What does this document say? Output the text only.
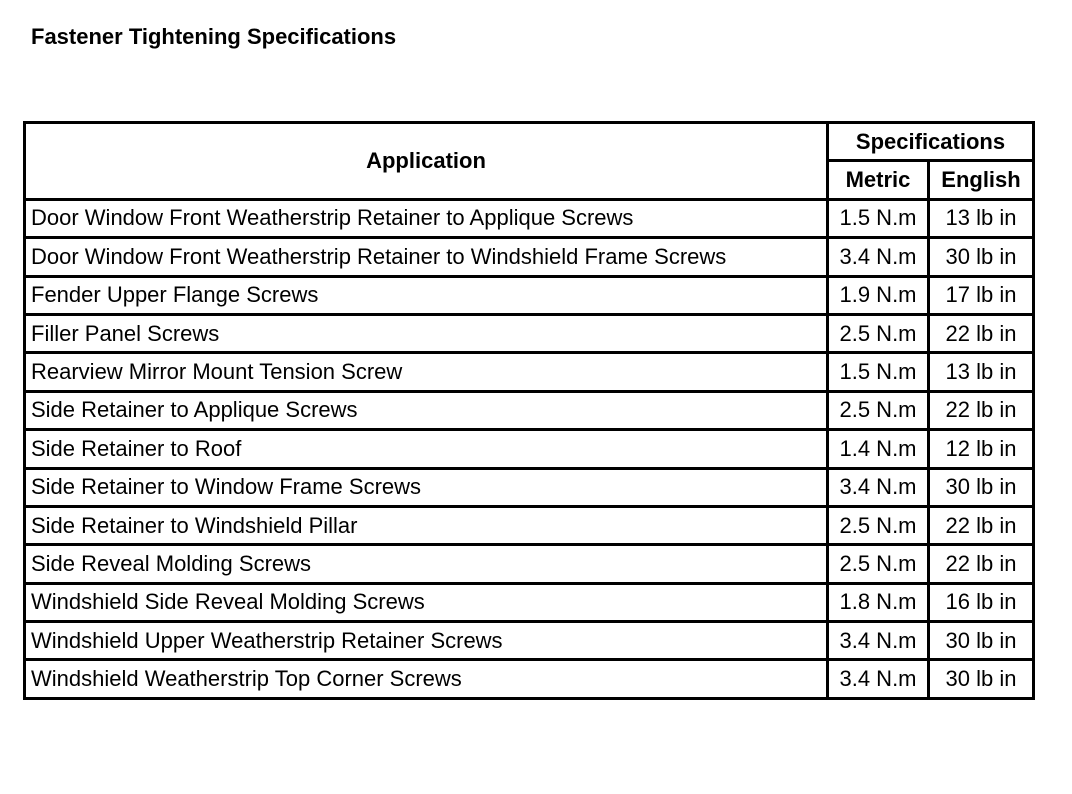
Fastener Tightening Specifications
Application	Specifications	
	Metric	English
Door Window Front Weatherstrip Retainer to Applique Screws	1.5 N.m	13 lb in
Door Window Front Weatherstrip Retainer to Windshield Frame Screws	3.4 N.m	30 lb in
Fender Upper Flange Screws	1.9 N.m	17 lb in
Filler Panel Screws	2.5 N.m	22 lb in
Rearview Mirror Mount Tension Screw	1.5 N.m	13 lb in
Side Retainer to Applique Screws	2.5 N.m	22 lb in
Side Retainer to Roof	1.4 N.m	12 lb in
Side Retainer to Window Frame Screws	3.4 N.m	30 lb in
Side Retainer to Windshield Pillar	2.5 N.m	22 lb in
Side Reveal Molding Screws	2.5 N.m	22 lb in
Windshield Side Reveal Molding Screws	1.8 N.m	16 lb in
Windshield Upper Weatherstrip Retainer Screws	3.4 N.m	30 lb in
Windshield Weatherstrip Top Corner Screws	3.4 N.m	30 lb in
